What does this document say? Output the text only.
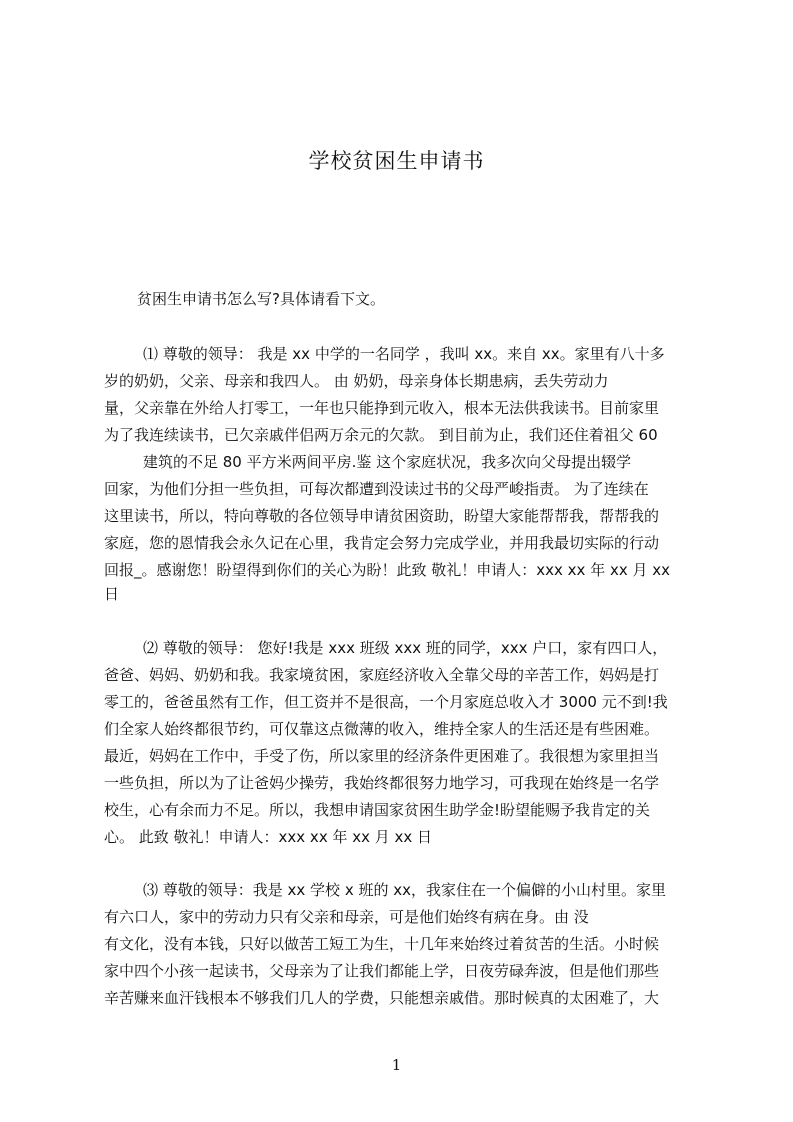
学校贫困生申请书
贫困生申请书怎么写?具体请看下文。
⑴ 尊敬的领导： 我是 xx 中学的一名同学 ，我叫 xx。来自 xx。家里有八十多
岁的奶奶，父亲、母亲和我四人。 由 奶奶，母亲身体长期患病，丢失劳动力
量，父亲靠在外给人打零工，一年也只能挣到元收入，根本无法供我读书。目前家里
为了我连续读书，已欠亲戚伴侣两万余元的欠款。 到目前为止，我们还住着祖父 60
建筑的不足 80 平方米两间平房.鉴 这个家庭状况，我多次向父母提出辍学
回家，为他们分担一些负担，可每次都遭到没读过书的父母严峻指责。 为了连续在
这里读书，所以，特向尊敬的各位领导申请贫困资助，盼望大家能帮帮我，帮帮我的
家庭，您的恩情我会永久记在心里，我肯定会努力完成学业，并用我最切实际的行动
回报_。感谢您！盼望得到你们的关心为盼！此致 敬礼！申请人：xxx xx 年 xx 月 xx
日
⑵ 尊敬的领导： 您好!我是 xxx 班级 xxx 班的同学，xxx 户口，家有四口人，
爸爸、妈妈、奶奶和我。我家境贫困，家庭经济收入全靠父母的辛苦工作，妈妈是打
零工的，爸爸虽然有工作，但工资并不是很高，一个月家庭总收入才 3000 元不到!我
们全家人始终都很节约，可仅靠这点微薄的收入，维持全家人的生活还是有些困难。
最近，妈妈在工作中，手受了伤，所以家里的经济条件更困难了。我很想为家里担当
一些负担，所以为了让爸妈少操劳，我始终都很努力地学习，可我现在始终是一名学
校生，心有余而力不足。所以，我想申请国家贫困生助学金!盼望能赐予我肯定的关
心。 此致 敬礼！申请人：xxx xx 年 xx 月 xx 日
⑶ 尊敬的领导：我是 xx 学校 x 班的 xx，我家住在一个偏僻的小山村里。家里
有六口人，家中的劳动力只有父亲和母亲，可是他们始终有病在身。由 没
有文化，没有本钱，只好以做苦工短工为生，十几年来始终过着贫苦的生活。小时候
家中四个小孩一起读书，父母亲为了让我们都能上学，日夜劳碌奔波，但是他们那些
辛苦赚来血汗钱根本不够我们几人的学费，只能想亲戚借。那时候真的太困难了，大
1
